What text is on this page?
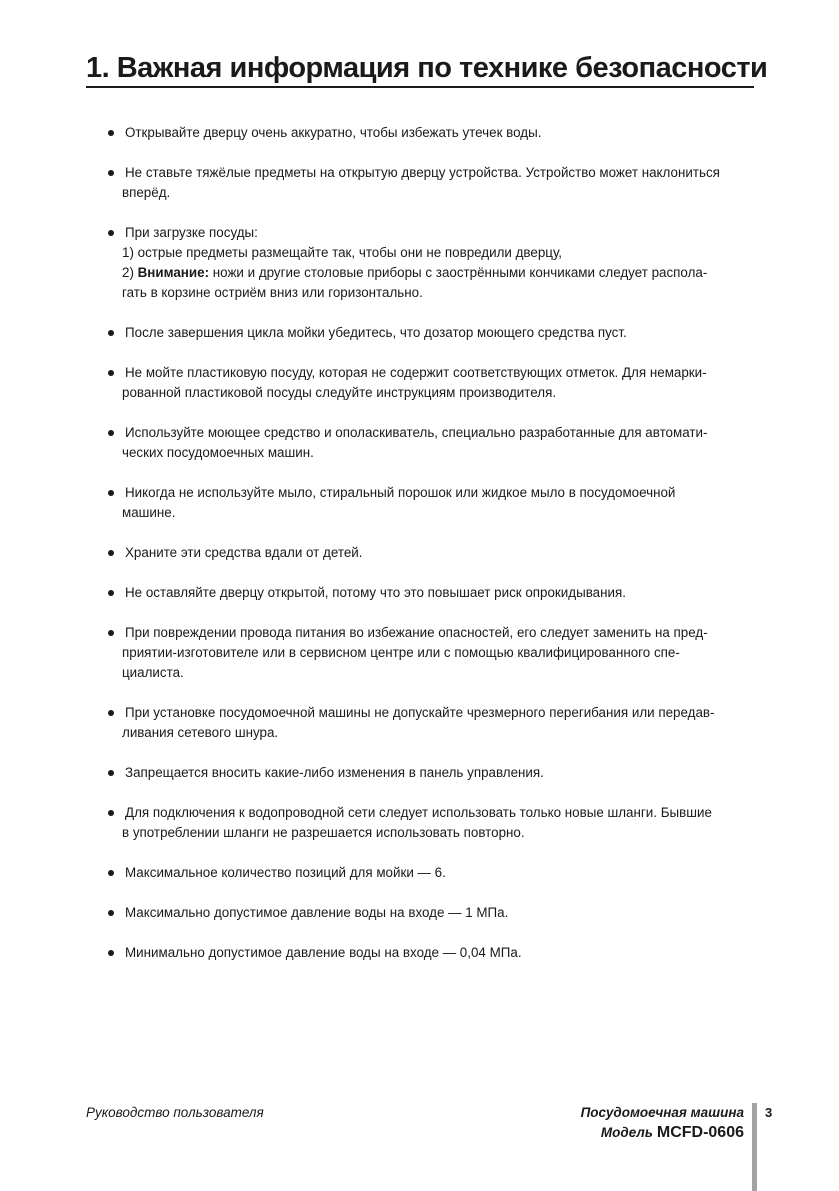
1. Важная информация по технике безопасности
Открывайте дверцу очень аккуратно, чтобы избежать утечек воды.
Не ставьте тяжёлые предметы на открытую дверцу устройства. Устройство может наклониться
вперёд.
При загрузке посуды:
1) острые предметы размещайте так, чтобы они не повредили дверцу,
2) Внимание: ножи и другие столовые приборы с заострёнными кончиками следует распола-
гать в корзине остриём вниз или горизонтально.
После завершения цикла мойки убедитесь, что дозатор моющего средства пуст.
Не мойте пластиковую посуду, которая не содержит соответствующих отметок. Для немарки-
рованной пластиковой посуды следуйте инструкциям производителя.
Используйте моющее средство и ополаскиватель, специально разработанные для автомати-
ческих посудомоечных машин.
Никогда не используйте мыло, стиральный порошок или жидкое мыло в посудомоечной
машине.
Храните эти средства вдали от детей.
Не оставляйте дверцу открытой, потому что это повышает риск опрокидывания.
При повреждении провода питания во избежание опасностей, его следует заменить на пред-
приятии-изготовителе или в сервисном центре или с помощью квалифицированного спе-
циалиста.
При установке посудомоечной машины не допускайте чрезмерного перегибания или передав-
ливания сетевого шнура.
Запрещается вносить какие-либо изменения в панель управления.
Для подключения к водопроводной сети следует использовать только новые шланги. Бывшие
в употреблении шланги не разрешается использовать повторно.
Максимальное количество позиций для мойки — 6.
Максимально допустимое давление воды на входе — 1 МПа.
Минимально допустимое давление воды на входе — 0,04 МПа.
Руководство пользователя	Посудомоечная машина
Модель MCFD-0606
3
